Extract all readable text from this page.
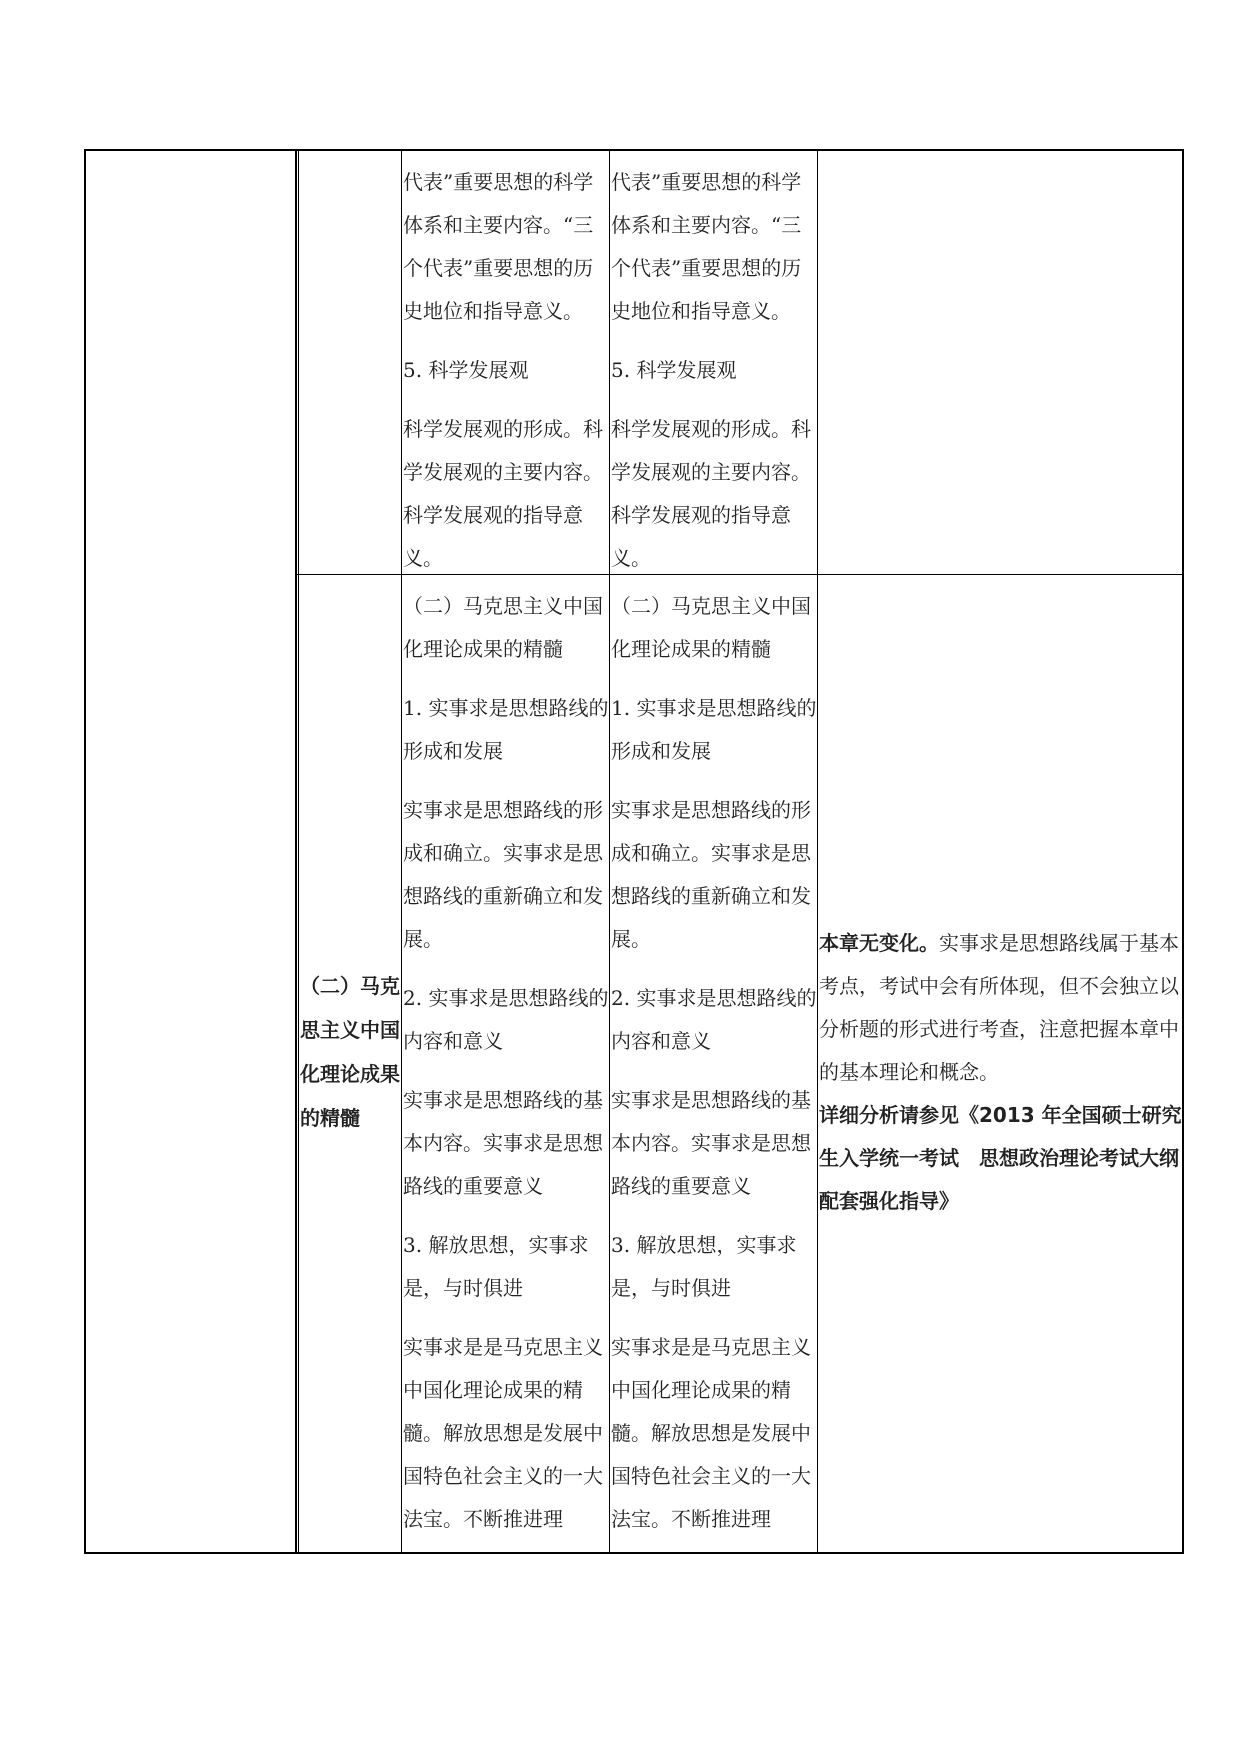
代表”重要思想的科学体系和主要内容。“三个代表”重要思想的历史地位和指导意义。

5. 科学发展观

科学发展观的形成。科学发展观的主要内容。科学发展观的指导意义。

代表”重要思想的科学体系和主要内容。“三个代表”重要思想的历史地位和指导意义。

5. 科学发展观

科学发展观的形成。科学发展观的主要内容。科学发展观的指导意义。

（二）马克思主义中国化理论成果的精髓

（二）马克思主义中国化理论成果的精髓

1. 实事求是思想路线的形成和发展

实事求是思想路线的形成和确立。实事求是思想路线的重新确立和发展。

2. 实事求是思想路线的内容和意义

实事求是思想路线的基本内容。实事求是思想路线的重要意义

3. 解放思想，实事求是，与时俱进

实事求是是马克思主义中国化理论成果的精髓。解放思想是发展中国特色社会主义的一大法宝。不断推进理

（二）马克思主义中国化理论成果的精髓

1. 实事求是思想路线的形成和发展

实事求是思想路线的形成和确立。实事求是思想路线的重新确立和发展。

2. 实事求是思想路线的内容和意义

实事求是思想路线的基本内容。实事求是思想路线的重要意义

3. 解放思想，实事求是，与时俱进

实事求是是马克思主义中国化理论成果的精髓。解放思想是发展中国特色社会主义的一大法宝。不断推进理

本章无变化。实事求是思想路线属于基本考点，考试中会有所体现，但不会独立以分析题的形式进行考查，注意把握本章中的基本理论和概念。

详细分析请参见《2013 年全国硕士研究生入学统一考试　思想政治理论考试大纲配套强化指导》
